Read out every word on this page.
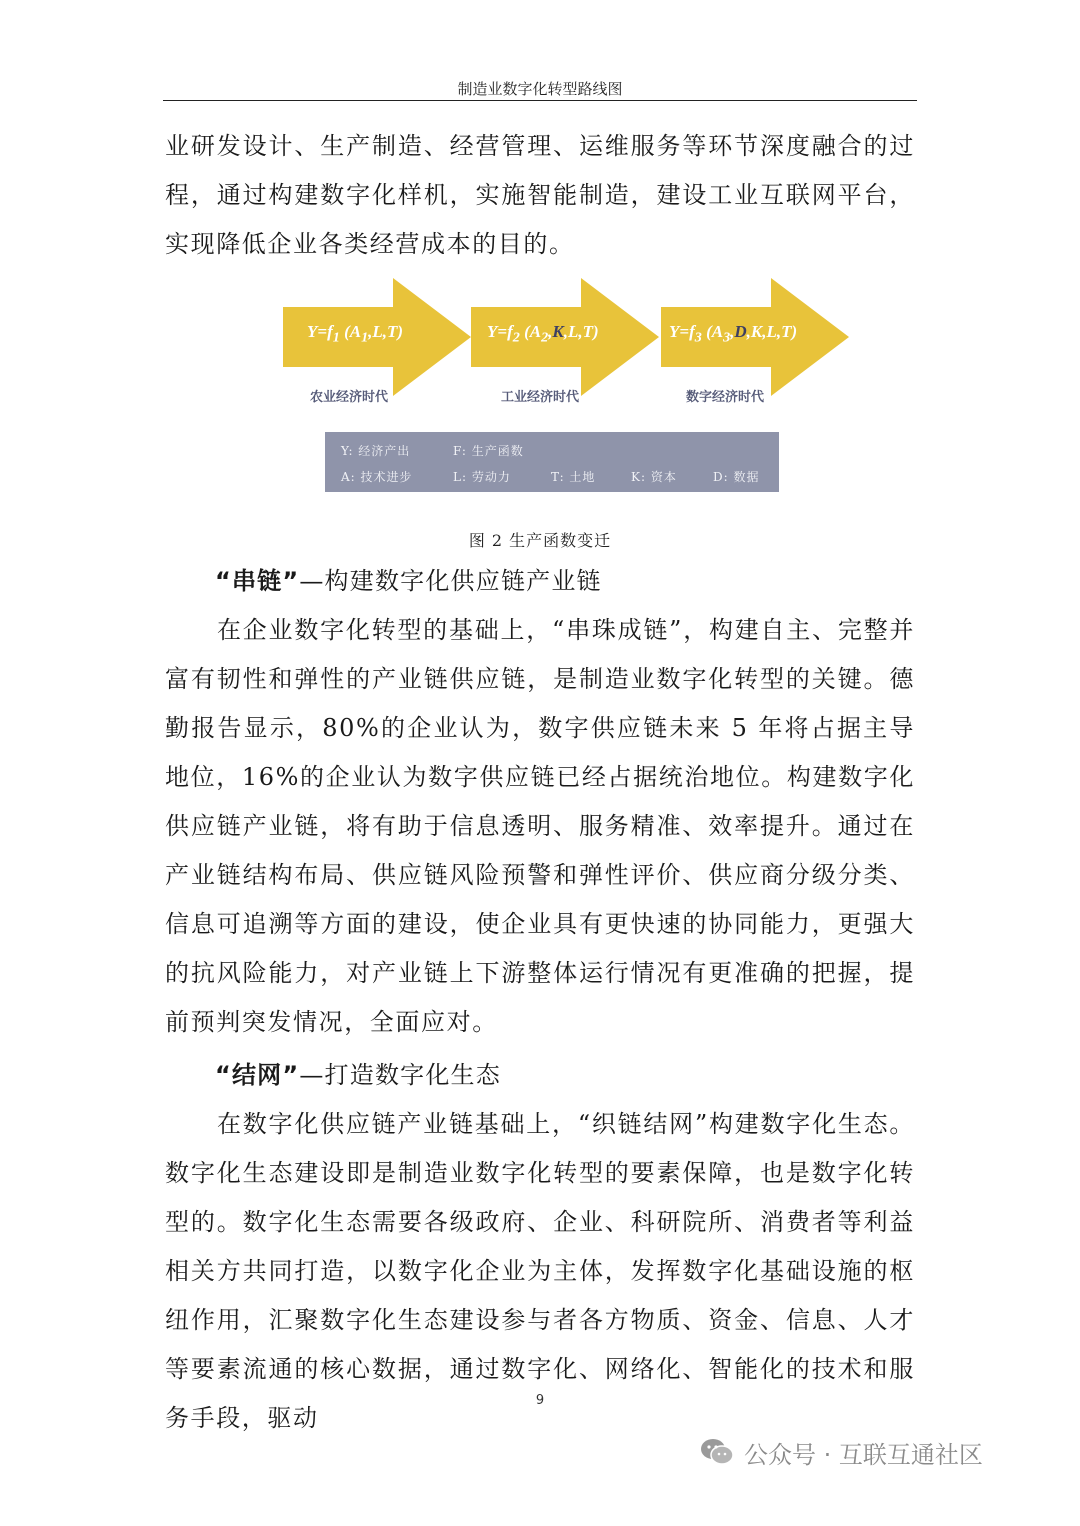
制造业数字化转型路线图

业研发设计、生产制造、经营管理、运维服务等环节深度融合的过程，通过构建数字化样机，实施智能制造，建设工业互联网平台，实现降低企业各类经营成本的目的。

$Y=f_1$ $(A_1,L,T)$
农业经济时代
$Y=f_2$ $(A_2,K,L,T)$
工业经济时代
$Y=f_3$ $(A_3,D,K,L,T)$
数字经济时代
Y: 经济产出	F: 生产函数
A: 技术进步	L: 劳动力	T: 土地	K: 资本	D: 数据
图 2 生产函数变迁

“串链”—构建数字化供应链产业链

在企业数字化转型的基础上，“串珠成链”，构建自主、完整并富有韧性和弹性的产业链供应链，是制造业数字化转型的关键。德勤报告显示，80%的企业认为，数字供应链未来 5 年将占据主导地位，16%的企业认为数字供应链已经占据统治地位。构建数字化供应链产业链，将有助于信息透明、服务精准、效率提升。通过在产业链结构布局、供应链风险预警和弹性评价、供应商分级分类、信息可追溯等方面的建设，使企业具有更快速的协同能力，更强大的抗风险能力，对产业链上下游整体运行情况有更准确的把握，提前预判突发情况，全面应对。

“结网”—打造数字化生态

在数字化供应链产业链基础上，“织链结网”构建数字化生态。数字化生态建设即是制造业数字化转型的要素保障，也是数字化转型的。数字化生态需要各级政府、企业、科研院所、消费者等利益相关方共同打造，以数字化企业为主体，发挥数字化基础设施的枢纽作用，汇聚数字化生态建设参与者各方物质、资金、信息、人才等要素流通的核心数据，通过数字化、网络化、智能化的技术和服务手段，驱动

9
公众号 · 互联互通社区
